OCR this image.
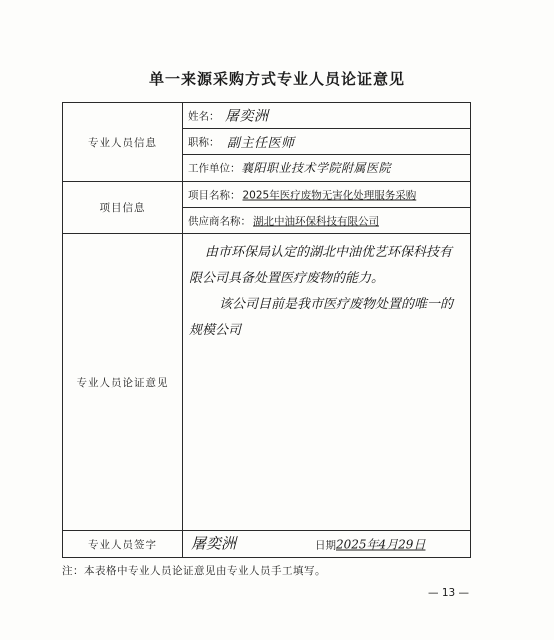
单一来源采购方式专业人员论证意见
专业人员信息	姓名： 屠奕洲

	职称： 副主任医师

	工作单位： 襄阳职业技术学院附属医院

项目信息	项目名称： 2025年医疗废物无害化处理服务采购

	供应商名称： 湖北中油环保科技有限公司

专业人员论证意见	由市环保局认定的湖北中油优艺环保科技有限公司具备处置医疗废物的能力。

该公司目前是我市医疗废物处置的唯一的规模公司

专业人员签字	屠奕洲 日期2025年4月29日
注：本表格中专业人员论证意见由专业人员手工填写。
— 13 —
